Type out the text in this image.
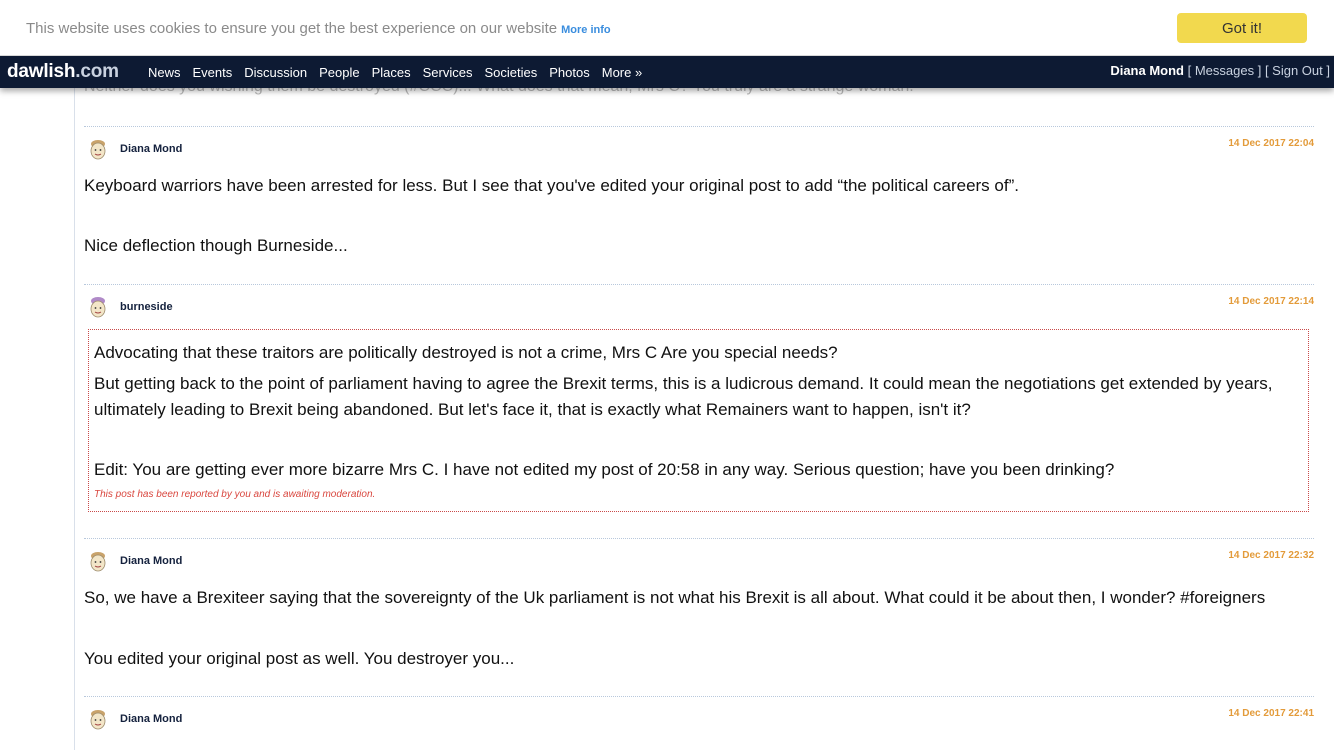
This website uses cookies to ensure you get the best experience on our website More info	Got it!
dawlish.com	News Events Discussion People Places Services Societies Photos More »	Diana Mond [ Messages ] [ Sign Out ]
Diana Mond	14 Dec 2017 22:04
Keyboard warriors have been arrested for less. But I see that you've edited your original post to add “the political careers of”.
Nice deflection though Burneside...
burneside	14 Dec 2017 22:14
Advocating that these traitors are politically destroyed is not a crime, Mrs C Are you special needs?
But getting back to the point of parliament having to agree the Brexit terms, this is a ludicrous demand. It could mean the negotiations get extended by years, ultimately leading to Brexit being abandoned. But let's face it, that is exactly what Remainers want to happen, isn't it?
Edit: You are getting ever more bizarre Mrs C. I have not edited my post of 20:58 in any way. Serious question; have you been drinking?
This post has been reported by you and is awaiting moderation.
Diana Mond	14 Dec 2017 22:32
So, we have a Brexiteer saying that the sovereignty of the Uk parliament is not what his Brexit is all about. What could it be about then, I wonder? #foreigners
You edited your original post as well. You destroyer you...
Diana Mond	14 Dec 2017 22:41
